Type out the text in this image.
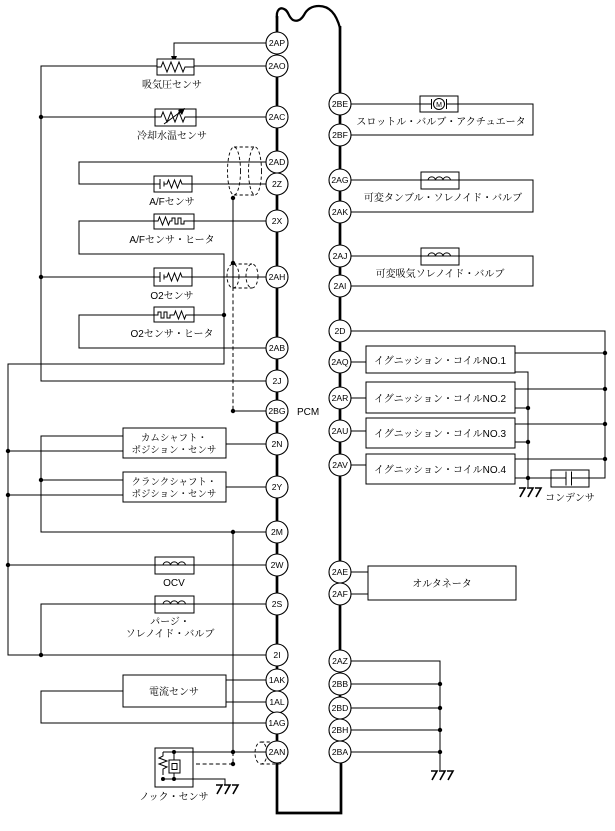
吸気圧センサ
冷却水温センサ
A/Fセンサ
A/Fセンサ・ヒータ
O2センサ
O2センサ・ヒータ
カムシャフト・
ポジション・センサ
クランクシャフト・
ポジション・センサ
OCV
パージ・
ソレノイド・バルブ
電流センサ
ノック・センサ
M
スロットル・バルブ・アクチュエータ
可変タンブル・ソレノイド・バルブ
可変吸気ソレノイド・バルブ
イグニッション・コイルNO.1
イグニッション・コイルNO.2
イグニッション・コイルNO.3
イグニッション・コイルNO.4
コンデンサ
オルタネータ
2AP
2AO
2AC
2AD
2Z
2X
2AH
2AB
2J
2BG
2N
2Y
2M
2W
2S
2I
1AK
1AL
1AG
2AN
2BE
2BF
2AG
2AK
2AJ
2AI
2D
2AQ
2AR
2AU
2AV
2AE
2AF
2AZ
2BB
2BD
2BH
2BA
PCM
